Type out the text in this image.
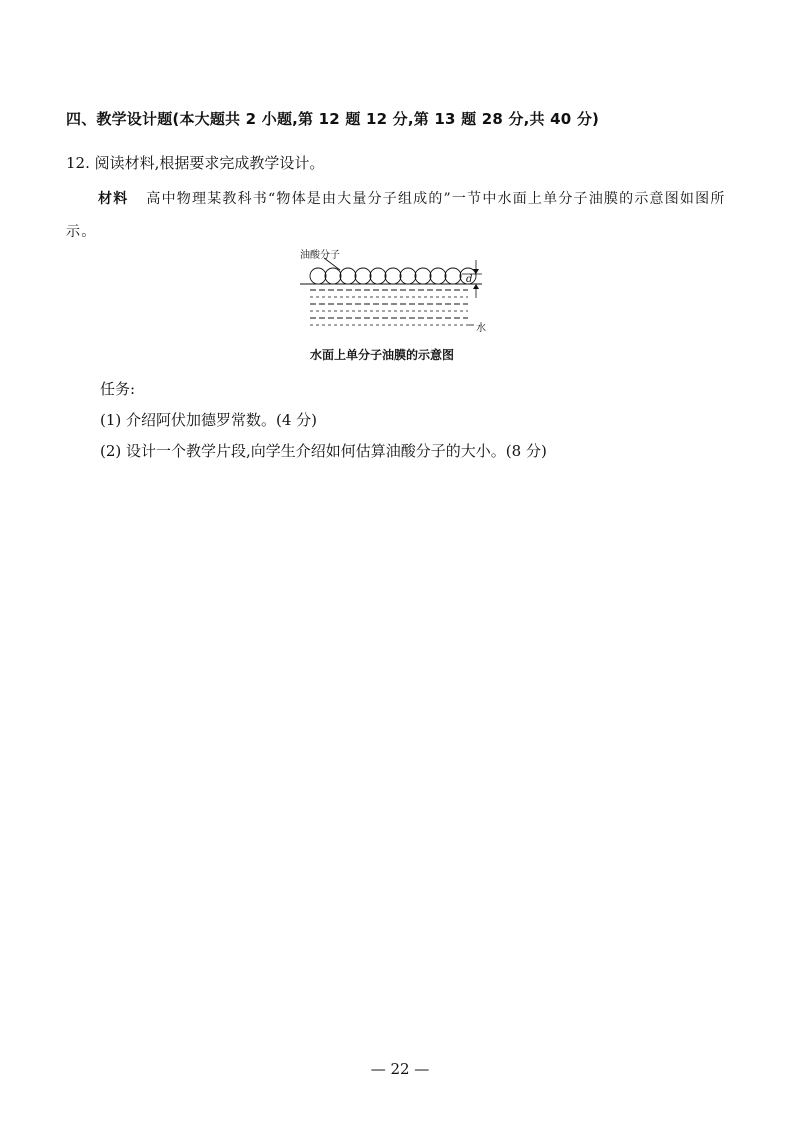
四、教学设计题(本大题共 2 小题,第 12 题 12 分,第 13 题 28 分,共 40 分)
12. 阅读材料,根据要求完成教学设计。
材料 高中物理某教科书“物体是由大量分子组成的”一节中水面上单分子油膜的示意图如图所示。
油酸分子
d
水
水面上单分子油膜的示意图
任务:
(1) 介绍阿伏加德罗常数。(4 分)
(2) 设计一个教学片段,向学生介绍如何估算油酸分子的大小。(8 分)
— 22 —
